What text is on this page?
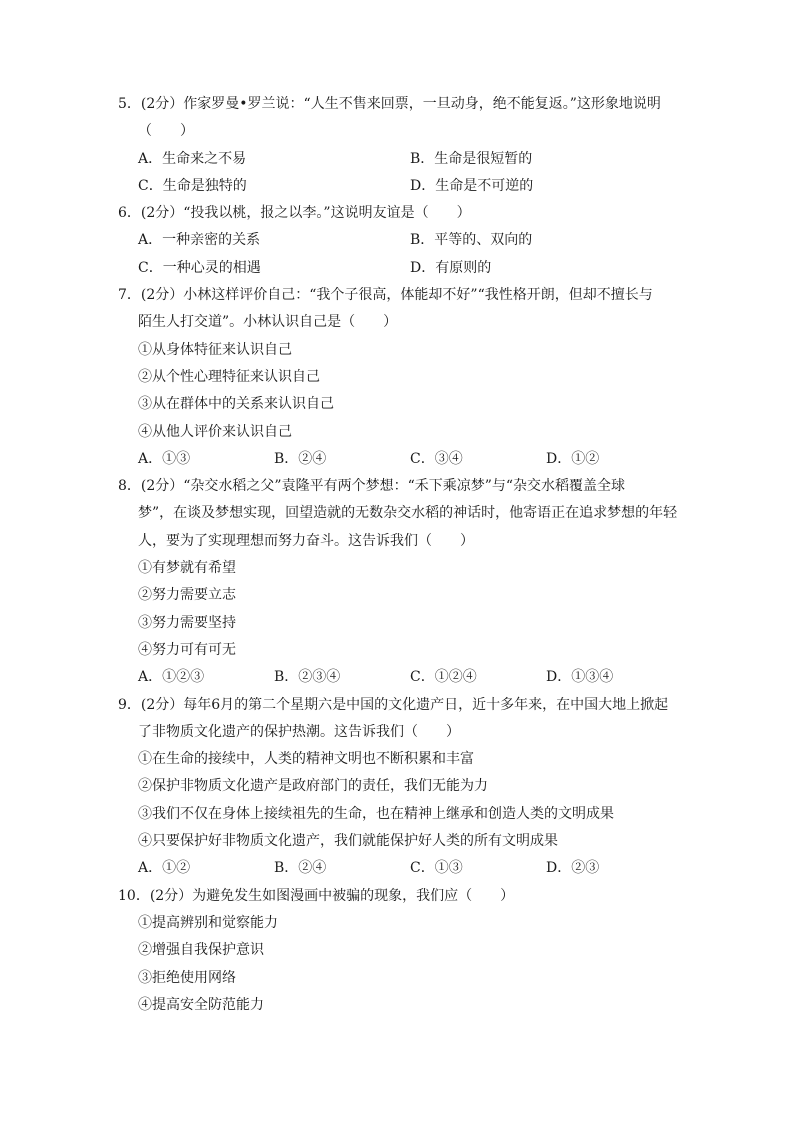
5．(2分）作家罗曼•罗兰说：“人生不售来回票，一旦动身，绝不能复返。”这形象地说明
（　　）
A．生命来之不易	B．生命是很短暂的
C．生命是独特的	D．生命是不可逆的
6．(2分）“投我以桃，报之以李。”这说明友谊是（　　）
A．一种亲密的关系	B．平等的、双向的
C．一种心灵的相遇	D．有原则的
7．(2分）小林这样评价自己：“我个子很高，体能却不好”“我性格开朗，但却不擅长与
陌生人打交道”。小林认识自己是（　　）
①从身体特征来认识自己
②从个性心理特征来认识自己
③从在群体中的关系来认识自己
④从他人评价来认识自己
A．①③	B．②④	C．③④	D．①②
8．(2分）“杂交水稻之父”袁隆平有两个梦想：“禾下乘凉梦”与“杂交水稻覆盖全球
梦”，在谈及梦想实现，回望造就的无数杂交水稻的神话时，他寄语正在追求梦想的年轻
人，要为了实现理想而努力奋斗。这告诉我们（　　）
①有梦就有希望
②努力需要立志
③努力需要坚持
④努力可有可无
A．①②③	B．②③④	C．①②④	D．①③④
9．(2分）每年6月的第二个星期六是中国的文化遗产日，近十多年来，在中国大地上掀起
了非物质文化遗产的保护热潮。这告诉我们（　　）
①在生命的接续中，人类的精神文明也不断积累和丰富
②保护非物质文化遗产是政府部门的责任，我们无能为力
③我们不仅在身体上接续祖先的生命，也在精神上继承和创造人类的文明成果
④只要保护好非物质文化遗产，我们就能保护好人类的所有文明成果
A．①②	B．②④	C．①③	D．②③
10．(2分）为避免发生如图漫画中被骗的现象，我们应（　　）
①提高辨别和觉察能力
②增强自我保护意识
③拒绝使用网络
④提高安全防范能力
